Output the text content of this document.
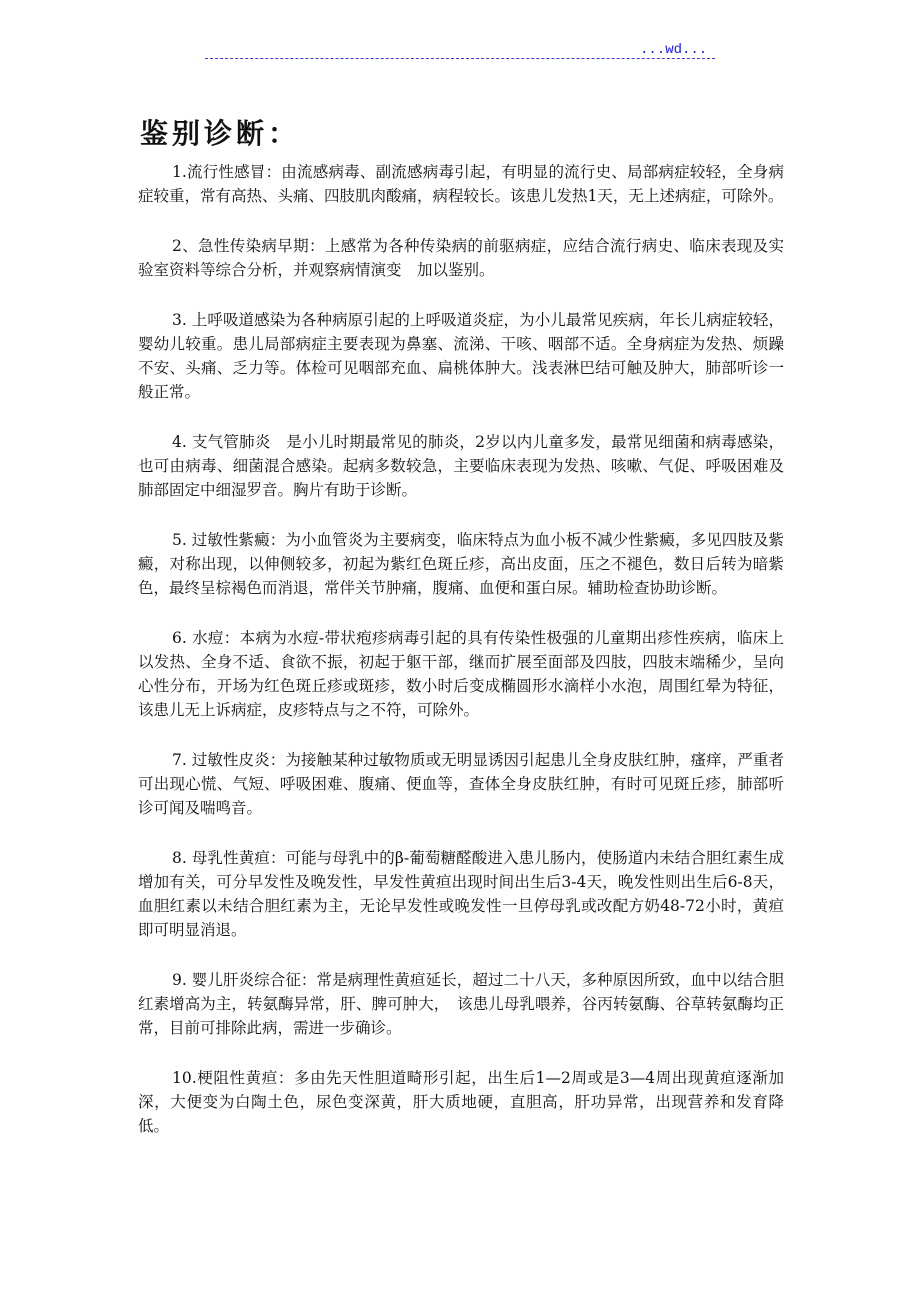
...wd...
鉴别诊断：

1.流行性感冒：由流感病毒、副流感病毒引起，有明显的流行史、局部病症较轻，全身病症较重，常有高热、头痛、四肢肌肉酸痛，病程较长。该患儿发热1天，无上述病症，可除外。

2、急性传染病早期：上感常为各种传染病的前驱病症，应结合流行病史、临床表现及实验室资料等综合分析，并观察病情演变　加以鉴别。

3. 上呼吸道感染为各种病原引起的上呼吸道炎症，为小儿最常见疾病，年长儿病症较轻，婴幼儿较重。患儿局部病症主要表现为鼻塞、流涕、干咳、咽部不适。全身病症为发热、烦躁不安、头痛、乏力等。体检可见咽部充血、扁桃体肿大。浅表淋巴结可触及肿大，肺部听诊一般正常。

4. 支气管肺炎　是小儿时期最常见的肺炎，2岁以内儿童多发，最常见细菌和病毒感染，也可由病毒、细菌混合感染。起病多数较急，主要临床表现为发热、咳嗽、气促、呼吸困难及肺部固定中细湿罗音。胸片有助于诊断。

5. 过敏性紫癜：为小血管炎为主要病变，临床特点为血小板不减少性紫癜，多见四肢及紫癜，对称出现，以伸侧较多，初起为紫红色斑丘疹，高出皮面，压之不褪色，数日后转为暗紫色，最终呈棕褐色而消退，常伴关节肿痛，腹痛、血便和蛋白尿。辅助检查协助诊断。

6. 水痘：本病为水痘-带状疱疹病毒引起的具有传染性极强的儿童期出疹性疾病，临床上以发热、全身不适、食欲不振，初起于躯干部，继而扩展至面部及四肢，四肢末端稀少，呈向心性分布，开场为红色斑丘疹或斑疹，数小时后变成椭圆形水滴样小水泡，周围红晕为特征，该患儿无上诉病症，皮疹特点与之不符，可除外。

7. 过敏性皮炎：为接触某种过敏物质或无明显诱因引起患儿全身皮肤红肿，瘙痒，严重者可出现心慌、气短、呼吸困难、腹痛、便血等，查体全身皮肤红肿，有时可见斑丘疹，肺部听诊可闻及喘鸣音。

8. 母乳性黄疸：可能与母乳中的β-葡萄糖醛酸进入患儿肠内，使肠道内未结合胆红素生成增加有关，可分早发性及晚发性，早发性黄疸出现时间出生后3-4天，晚发性则出生后6-8天，血胆红素以未结合胆红素为主，无论早发性或晚发性一旦停母乳或改配方奶48-72小时，黄疸即可明显消退。

9. 婴儿肝炎综合征：常是病理性黄疸延长，超过二十八天，多种原因所致，血中以结合胆红素增高为主，转氨酶异常，肝、脾可肿大，　该患儿母乳喂养，谷丙转氨酶、谷草转氨酶均正常，目前可排除此病，需进一步确诊。

10.梗阻性黄疸：多由先天性胆道畸形引起，出生后1—2周或是3—4周出现黄疸逐渐加深，大便变为白陶土色，尿色变深黄，肝大质地硬，直胆高，肝功异常，出现营养和发育降低。
